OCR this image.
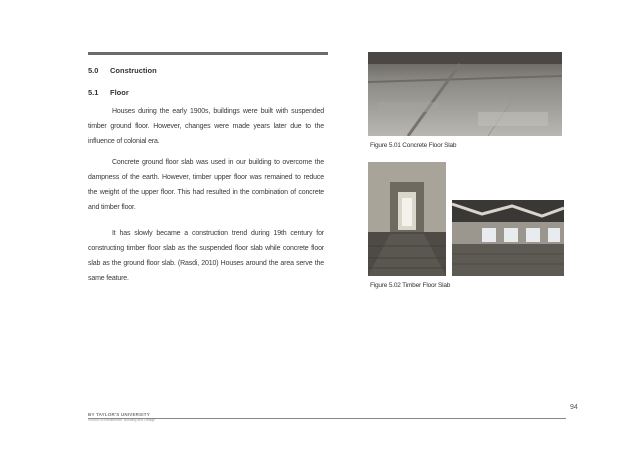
5.0 Construction
5.1 Floor
Houses during the early 1900s, buildings were built with suspended timber ground floor. However, changes were made years later due to the influence of colonial era.
Concrete ground floor slab was used in our building to overcome the dampness of the earth. However, timber upper floor was remained to reduce the weight of the upper floor. This had resulted in the combination of concrete and timber floor.
It has slowly became a construction trend during 19th century for constructing timber floor slab as the suspended floor slab while concrete floor slab as the ground floor slab. (Rasdi, 2010) Houses around the area serve the same feature.
Figure 5.01 Concrete Floor Slab
Figure 5.02 Timber Floor Slab
94
BY TAYLOR'S UNIVERSITY
School of Architecture, Building and Design
